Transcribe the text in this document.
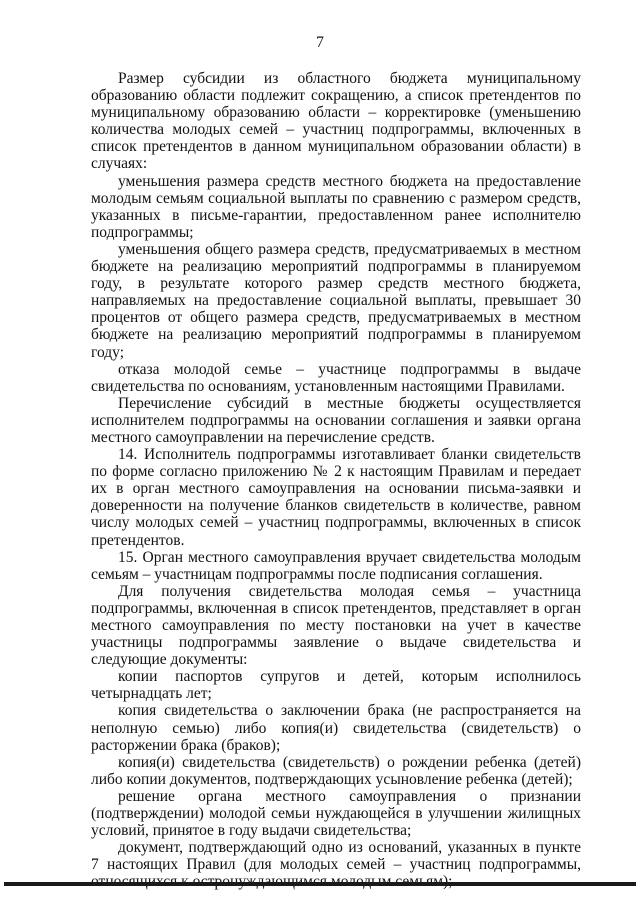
7

Размер субсидии из областного бюджета муниципальному образованию области подлежит сокращению, а список претендентов по муниципальному образованию области – корректировке (уменьшению количества молодых семей – участниц подпрограммы, включенных в список претендентов в данном муниципальном образовании области) в случаях:

уменьшения размера средств местного бюджета на предоставление молодым семьям социальной выплаты по сравнению с размером средств, указанных в письме-гарантии, предоставленном ранее исполнителю подпрограммы;

уменьшения общего размера средств, предусматриваемых в местном бюджете на реализацию мероприятий подпрограммы в планируемом году, в результате которого размер средств местного бюджета, направляемых на предоставление социальной выплаты, превышает 30 процентов от общего размера средств, предусматриваемых в местном бюджете на реализацию мероприятий подпрограммы в планируемом году;

отказа молодой семье – участнице подпрограммы в выдаче свидетельства по основаниям, установленным настоящими Правилами.

Перечисление субсидий в местные бюджеты осуществляется исполнителем подпрограммы на основании соглашения и заявки органа местного самоуправлении на перечисление средств.

14. Исполнитель подпрограммы изготавливает бланки свидетельств по форме согласно приложению № 2 к настоящим Правилам и передает их в орган местного самоуправления на основании письма-заявки и доверенности на получение бланков свидетельств в количестве, равном числу молодых семей – участниц подпрограммы, включенных в список претендентов.

15. Орган местного самоуправления вручает свидетельства молодым семьям – участницам подпрограммы после подписания соглашения.

Для получения свидетельства молодая семья – участница подпрограммы, включенная в список претендентов, представляет в орган местного самоуправления по месту постановки на учет в качестве участницы подпрограммы заявление о выдаче свидетельства и следующие документы:

копии паспортов супругов и детей, которым исполнилось четырнадцать лет;

копия свидетельства о заключении брака (не распространяется на неполную семью) либо копия(и) свидетельства (свидетельств) о расторжении брака (браков);

копия(и) свидетельства (свидетельств) о рождении ребенка (детей) либо копии документов, подтверждающих усыновление ребенка (детей);

решение органа местного самоуправления о признании (подтверждении) молодой семьи нуждающейся в улучшении жилищных условий, принятое в году выдачи свидетельства;

документ, подтверждающий одно из оснований, указанных в пункте 7 настоящих Правил (для молодых семей – участниц подпрограммы,
